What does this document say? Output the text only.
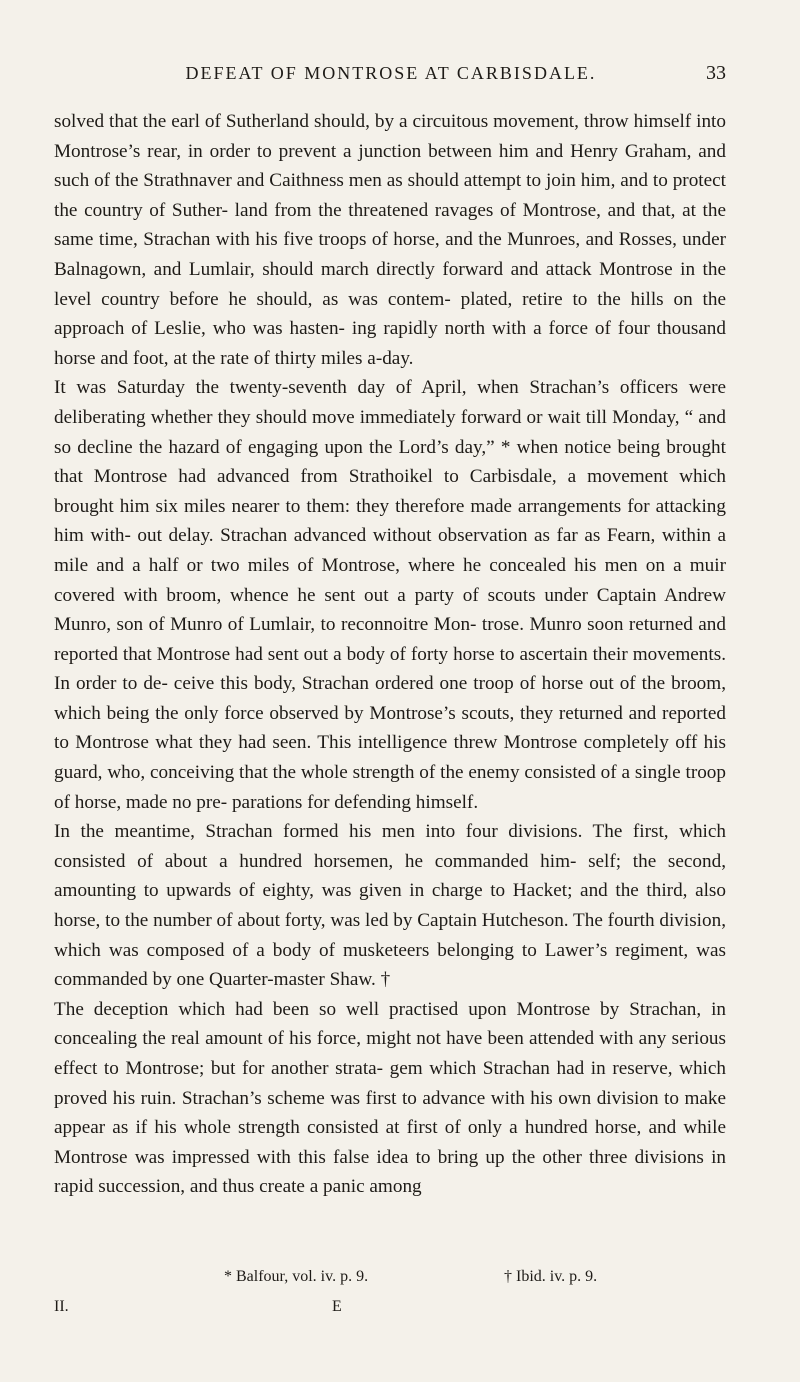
DEFEAT OF MONTROSE AT CARBISDALE.	33

solved that the earl of Sutherland should, by a circuitous movement, throw himself into Montrose’s rear, in order to prevent a junction between him and Henry Graham, and such of the Strathnaver and Caithness men as should attempt to join him, and to protect the country of Suther- land from the threatened ravages of Montrose, and that, at the same time, Strachan with his five troops of horse, and the Munroes, and Rosses, under Balnagown, and Lumlair, should march directly forward and attack Montrose in the level country before he should, as was contem- plated, retire to the hills on the approach of Leslie, who was hasten- ing rapidly north with a force of four thousand horse and foot, at the rate of thirty miles a-day.

It was Saturday the twenty-seventh day of April, when Strachan’s officers were deliberating whether they should move immediately forward or wait till Monday, “ and so decline the hazard of engaging upon the Lord’s day,” * when notice being brought that Montrose had advanced from Strathoikel to Carbisdale, a movement which brought him six miles nearer to them: they therefore made arrangements for attacking him with- out delay. Strachan advanced without observation as far as Fearn, within a mile and a half or two miles of Montrose, where he concealed his men on a muir covered with broom, whence he sent out a party of scouts under Captain Andrew Munro, son of Munro of Lumlair, to reconnoitre Mon- trose. Munro soon returned and reported that Montrose had sent out a body of forty horse to ascertain their movements. In order to de- ceive this body, Strachan ordered one troop of horse out of the broom, which being the only force observed by Montrose’s scouts, they returned and reported to Montrose what they had seen. This intelligence threw Montrose completely off his guard, who, conceiving that the whole strength of the enemy consisted of a single troop of horse, made no pre- parations for defending himself.

In the meantime, Strachan formed his men into four divisions. The first, which consisted of about a hundred horsemen, he commanded him- self; the second, amounting to upwards of eighty, was given in charge to Hacket; and the third, also horse, to the number of about forty, was led by Captain Hutcheson. The fourth division, which was composed of a body of musketeers belonging to Lawer’s regiment, was commanded by one Quarter-master Shaw. †

The deception which had been so well practised upon Montrose by Strachan, in concealing the real amount of his force, might not have been attended with any serious effect to Montrose; but for another strata- gem which Strachan had in reserve, which proved his ruin. Strachan’s scheme was first to advance with his own division to make appear as if his whole strength consisted at first of only a hundred horse, and while Montrose was impressed with this false idea to bring up the other three divisions in rapid succession, and thus create a panic among

* Balfour, vol. iv. p. 9.	† Ibid. iv. p. 9.
II.	E
